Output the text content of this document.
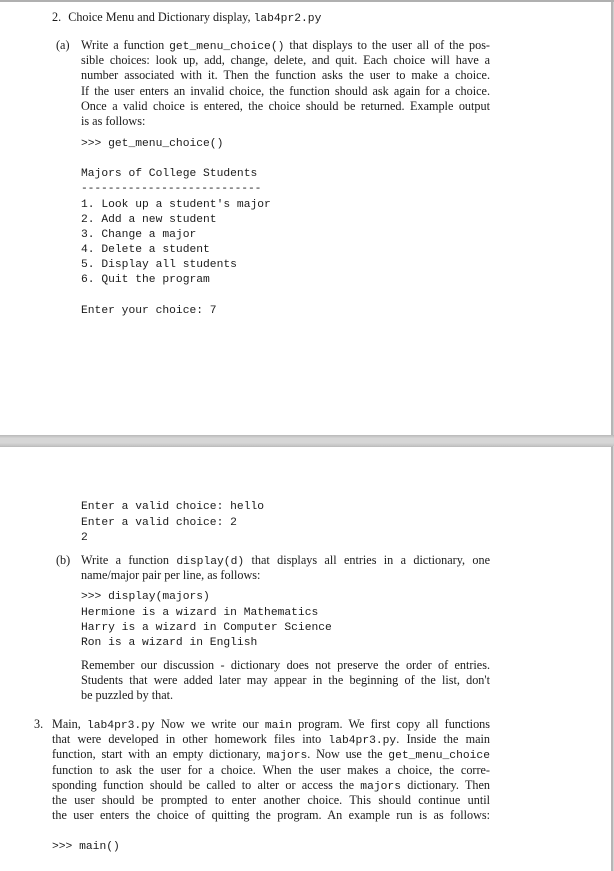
2. Choice Menu and Dictionary display, lab4pr2.py
(a) Write a function get_menu_choice() that displays to the user all of the pos-
sible choices: look up, add, change, delete, and quit. Each choice will have a
number associated with it. Then the function asks the user to make a choice.
If the user enters an invalid choice, the function should ask again for a choice.
Once a valid choice is entered, the choice should be returned. Example output
is as follows:
>>> get_menu_choice()
Majors of College Students
---------------------------
1. Look up a student's major
2. Add a new student
3. Change a major
4. Delete a student
5. Display all students
6. Quit the program
Enter your choice: 7
Enter a valid choice: hello
Enter a valid choice: 2
2
(b) Write a function display(d) that displays all entries in a dictionary, one
name/major pair per line, as follows:
>>> display(majors)
Hermione is a wizard in Mathematics
Harry is a wizard in Computer Science
Ron is a wizard in English
Remember our discussion - dictionary does not preserve the order of entries.
Students that were added later may appear in the beginning of the list, don't
be puzzled by that.
3. Main, lab4pr3.py Now we write our main program. We first copy all functions
that were developed in other homework files into lab4pr3.py. Inside the main
function, start with an empty dictionary, majors. Now use the get_menu_choice
function to ask the user for a choice. When the user makes a choice, the corre-
sponding function should be called to alter or access the majors dictionary. Then
the user should be prompted to enter another choice. This should continue until
the user enters the choice of quitting the program. An example run is as follows:
>>> main()
